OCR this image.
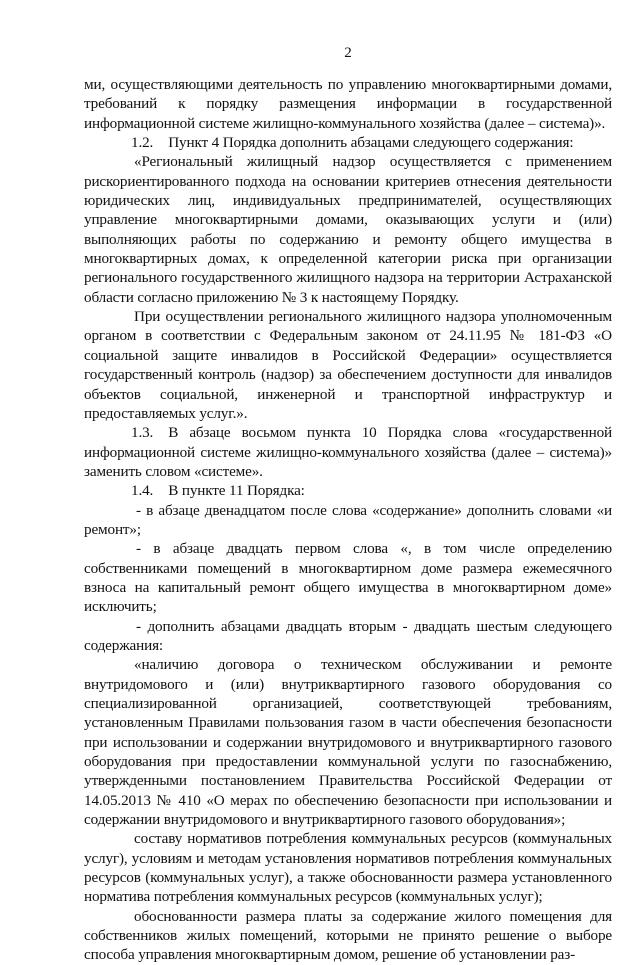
2

ми, осуществляющими деятельность по управлению многоквартирными домами, требований к порядку размещения информации в государственной информационной системе жилищно-коммунального хозяйства (далее – система)».

1.2. Пункт 4 Порядка дополнить абзацами следующего содержания:

«Региональный жилищный надзор осуществляется с применением рискориентированного подхода на основании критериев отнесения деятельности юридических лиц, индивидуальных предпринимателей, осуществляющих управление многоквартирными домами, оказывающих услуги и (или) выполняющих работы по содержанию и ремонту общего имущества в многоквартирных домах, к определенной категории риска при организации регионального государственного жилищного надзора на территории Астраханской области согласно приложению № 3 к настоящему Порядку.

При осуществлении регионального жилищного надзора уполномоченным органом в соответствии с Федеральным законом от 24.11.95 № 181-ФЗ «О социальной защите инвалидов в Российской Федерации» осуществляется государственный контроль (надзор) за обеспечением доступности для инвалидов объектов социальной, инженерной и транспортной инфраструктур и предоставляемых услуг.».

1.3. В абзаце восьмом пункта 10 Порядка слова «государственной информационной системе жилищно-коммунального хозяйства (далее – система)» заменить словом «системе».

1.4. В пункте 11 Порядка:

- в абзаце двенадцатом после слова «содержание» дополнить словами «и ремонт»;

- в абзаце двадцать первом слова «, в том числе определению собственниками помещений в многоквартирном доме размера ежемесячного взноса на капитальный ремонт общего имущества в многоквартирном доме» исключить;

- дополнить абзацами двадцать вторым - двадцать шестым следующего содержания:

«наличию договора о техническом обслуживании и ремонте внутридомового и (или) внутриквартирного газового оборудования со специализированной организацией, соответствующей требованиям, установленным Правилами пользования газом в части обеспечения безопасности при использовании и содержании внутридомового и внутриквартирного газового оборудования при предоставлении коммунальной услуги по газоснабжению, утвержденными постановлением Правительства Российской Федерации от 14.05.2013 № 410 «О мерах по обеспечению безопасности при использовании и содержании внутридомового и внутриквартирного газового оборудования»;

составу нормативов потребления коммунальных ресурсов (коммунальных услуг), условиям и методам установления нормативов потребления коммунальных ресурсов (коммунальных услуг), а также обоснованности размера установленного норматива потребления коммунальных ресурсов (коммунальных услуг);

обоснованности размера платы за содержание жилого помещения для собственников жилых помещений, которыми не принято решение о выборе способа управления многоквартирным домом, решение об установлении раз-
